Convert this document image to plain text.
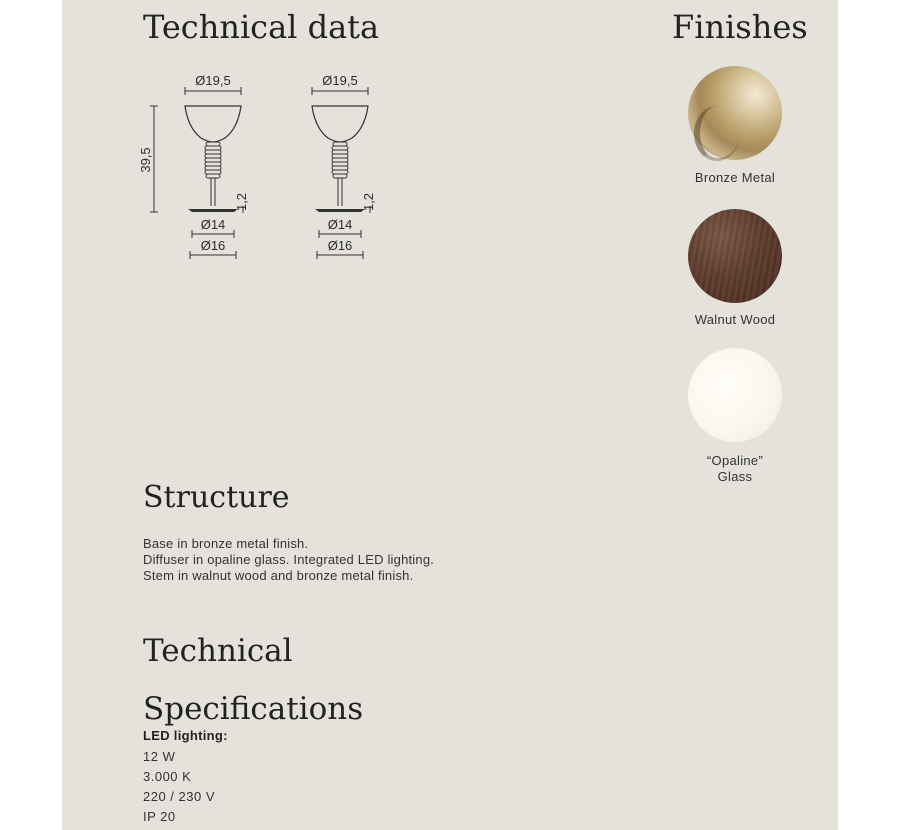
Technical data	Finishes
Ø19,5
39,5
1,2
Ø14
Ø16
Ø19,5
1,2
Ø14
Ø16
Bronze Metal
Walnut Wood
“Opaline”
Glass
Structure
Base in bronze metal finish.
Diffuser in opaline glass. Integrated LED lighting.
Stem in walnut wood and bronze metal finish.
Technical
Specifications
LED lighting:
12 W
3.000 K
220 / 230 V
IP 20
